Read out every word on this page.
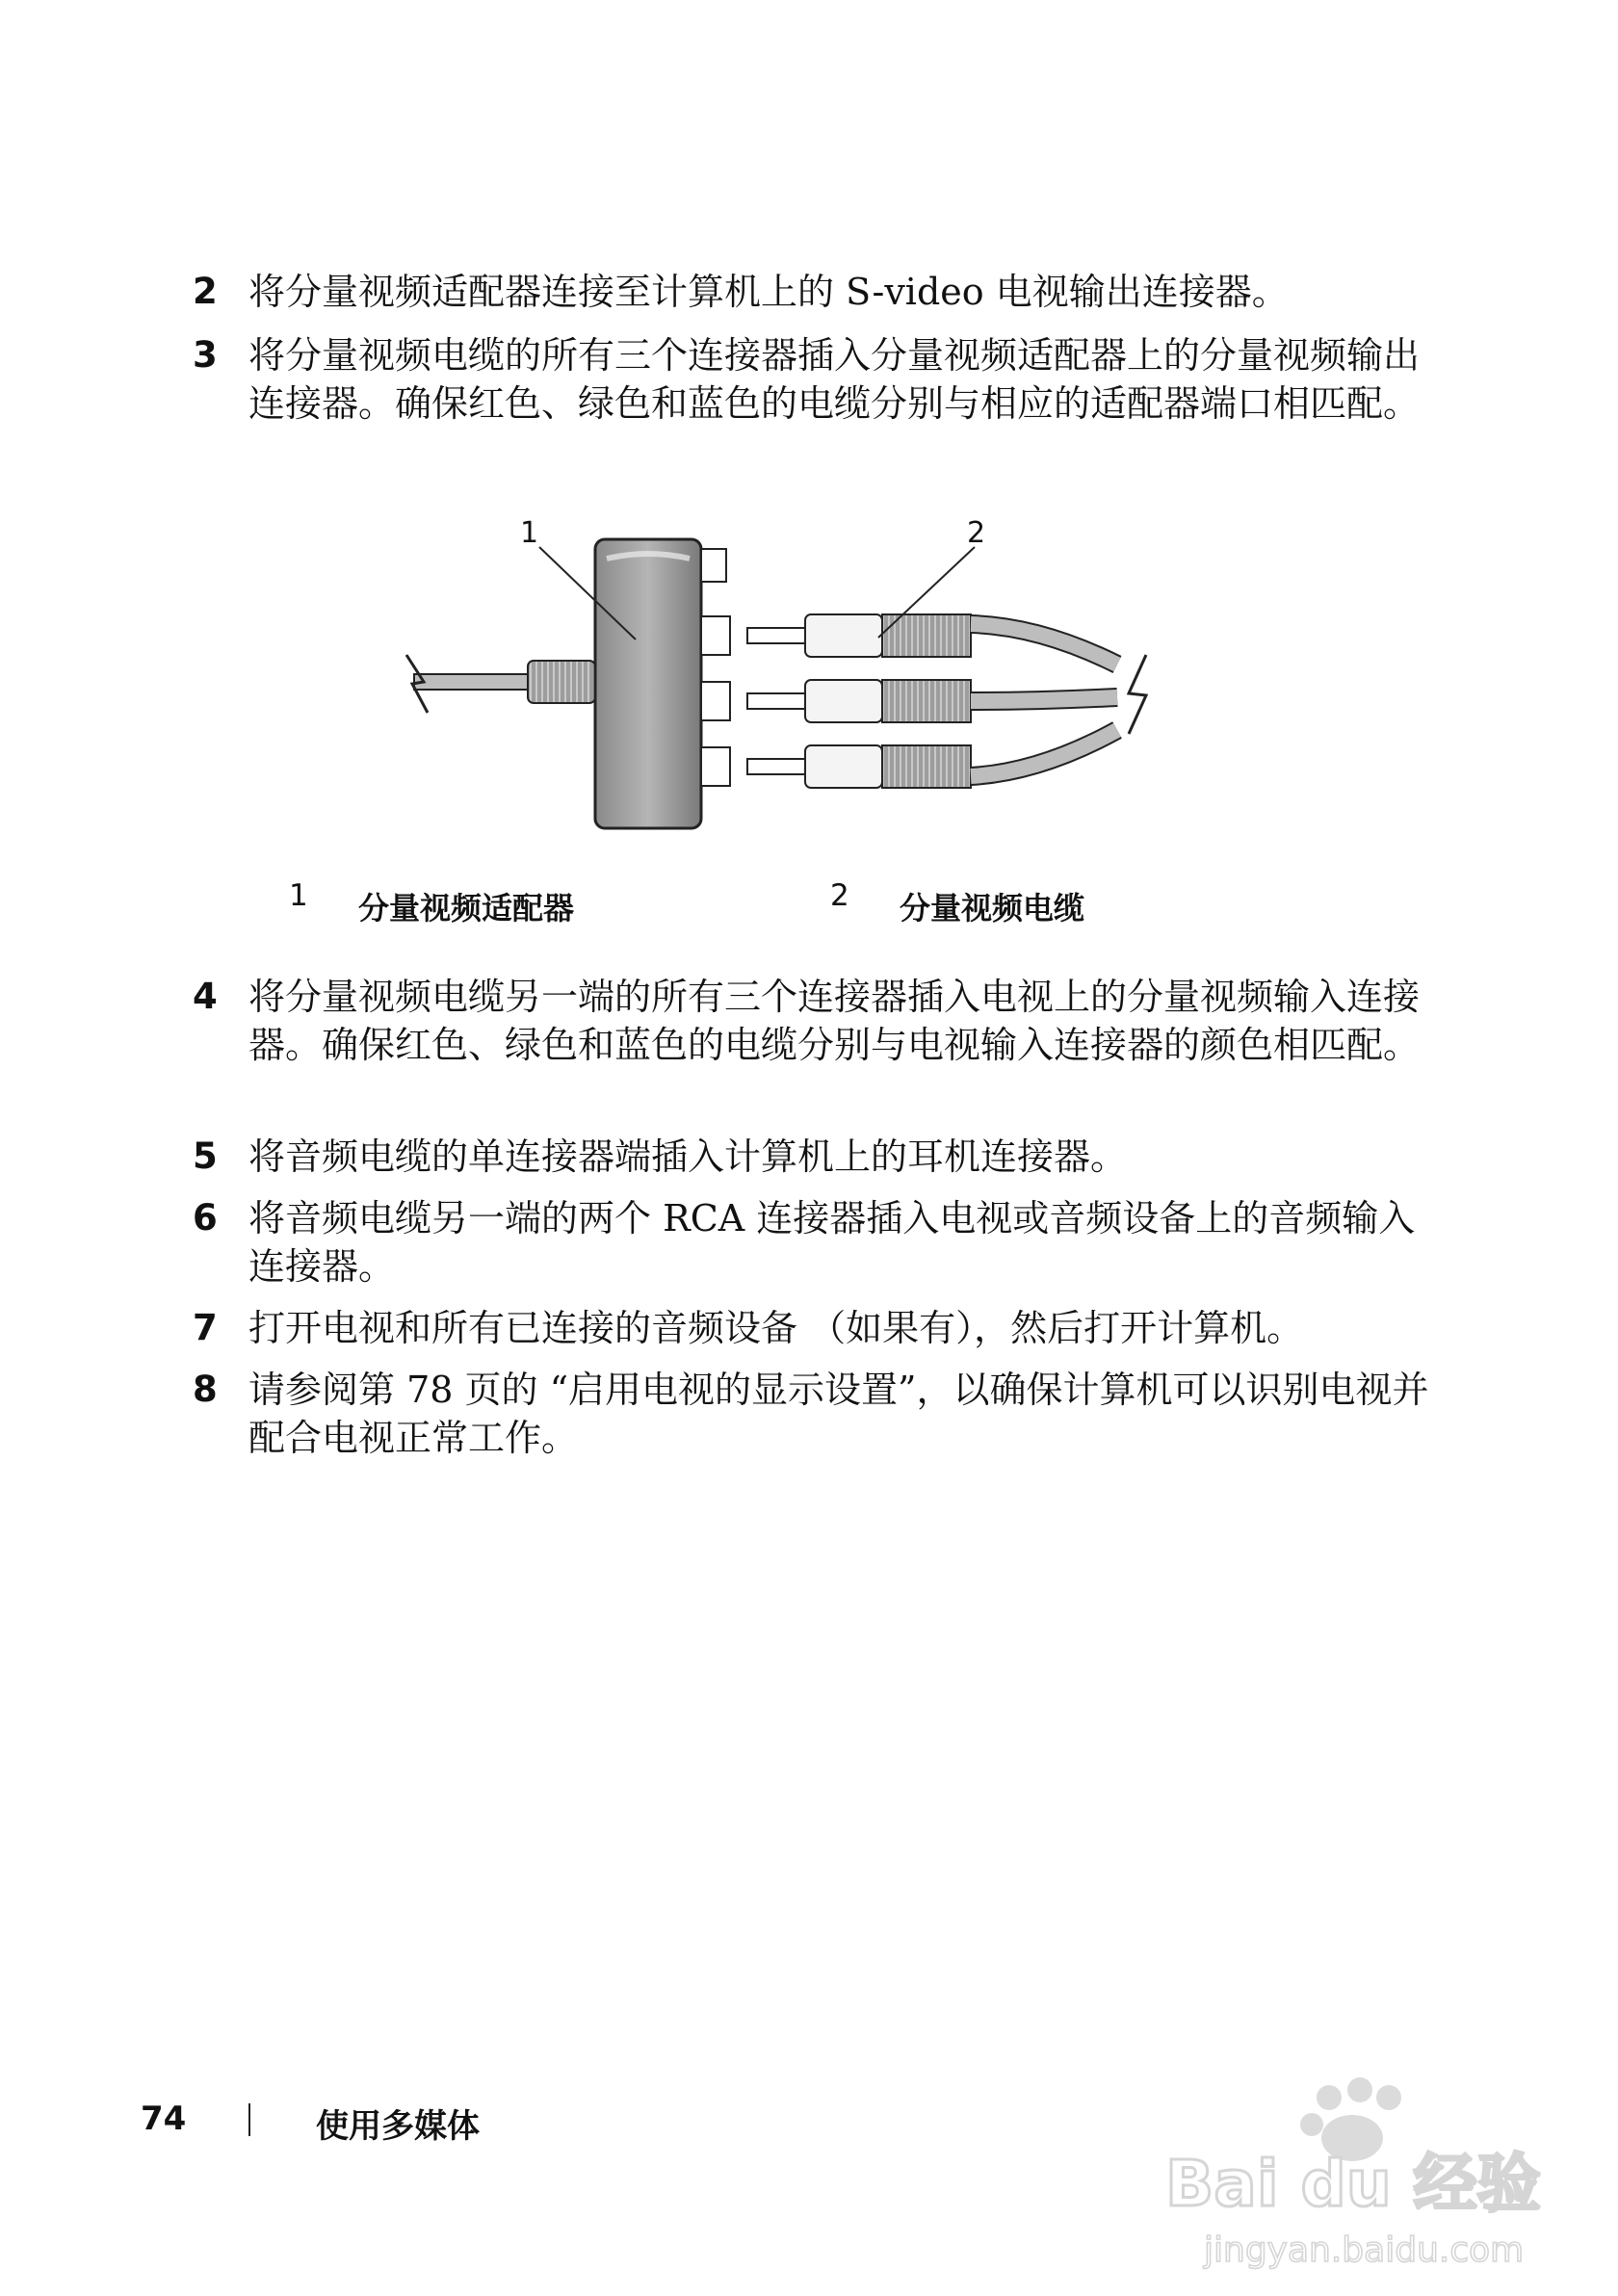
2 将分量视频适配器连接至计算机上的 S-video 电视输出连接器。
3 将分量视频电缆的所有三个连接器插入分量视频适配器上的分量视频输出连接器。确保红色、绿色和蓝色的电缆分别与相应的适配器端口相匹配。
1	2
1 分量视频适配器	2 分量视频电缆
4 将分量视频电缆另一端的所有三个连接器插入电视上的分量视频输入连接器。确保红色、绿色和蓝色的电缆分别与电视输入连接器的颜色相匹配。
5 将音频电缆的单连接器端插入计算机上的耳机连接器。
6 将音频电缆另一端的两个 RCA 连接器插入电视或音频设备上的音频输入连接器。
7 打开电视和所有已连接的音频设备 （如果有），然后打开计算机。
8 请参阅第 78 页的 “启用电视的显示设置”，以确保计算机可以识别电视并配合电视正常工作。
74	使用多媒体
Bai du 经验
jingyan.baidu.com
